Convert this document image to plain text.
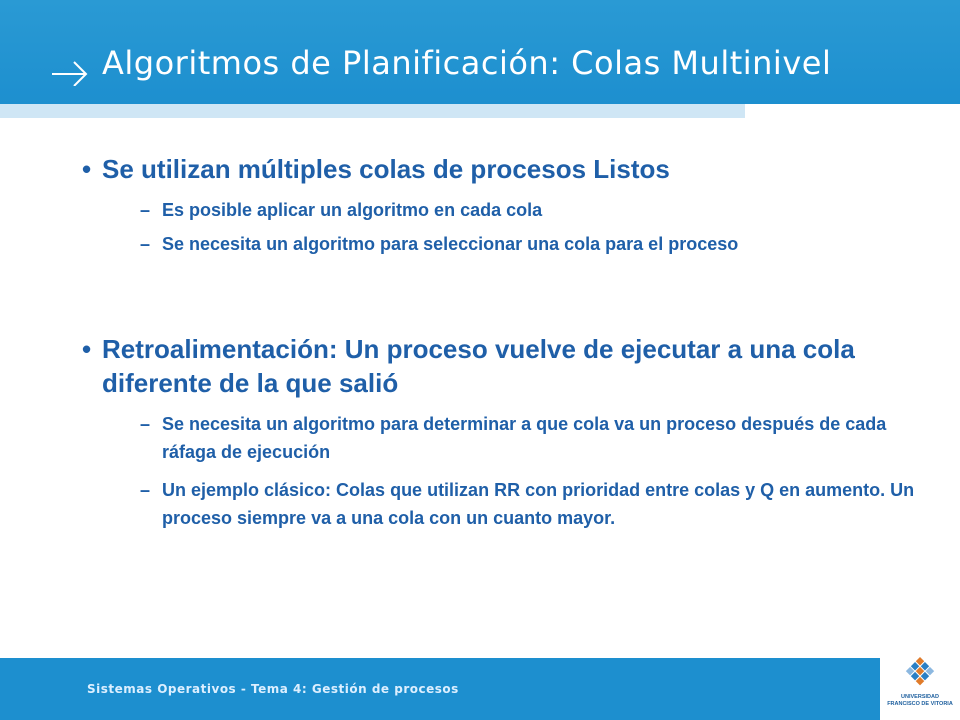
Algoritmos de Planificación: Colas Multinivel
• Se utilizan múltiples colas de procesos Listos
– Es posible aplicar un algoritmo en cada cola
– Se necesita un algoritmo para seleccionar una cola para el proceso
• Retroalimentación: Un proceso vuelve de ejecutar a una cola diferente de la que salió
– Se necesita un algoritmo para determinar a que cola va un proceso después de cada ráfaga de ejecución
– Un ejemplo clásico: Colas que utilizan RR con prioridad entre colas y Q en aumento. Un proceso siempre va a una cola con un cuanto mayor.
Sistemas Operativos - Tema 4: Gestión de procesos
UNIVERSIDAD
FRANCISCO DE VITORIA
